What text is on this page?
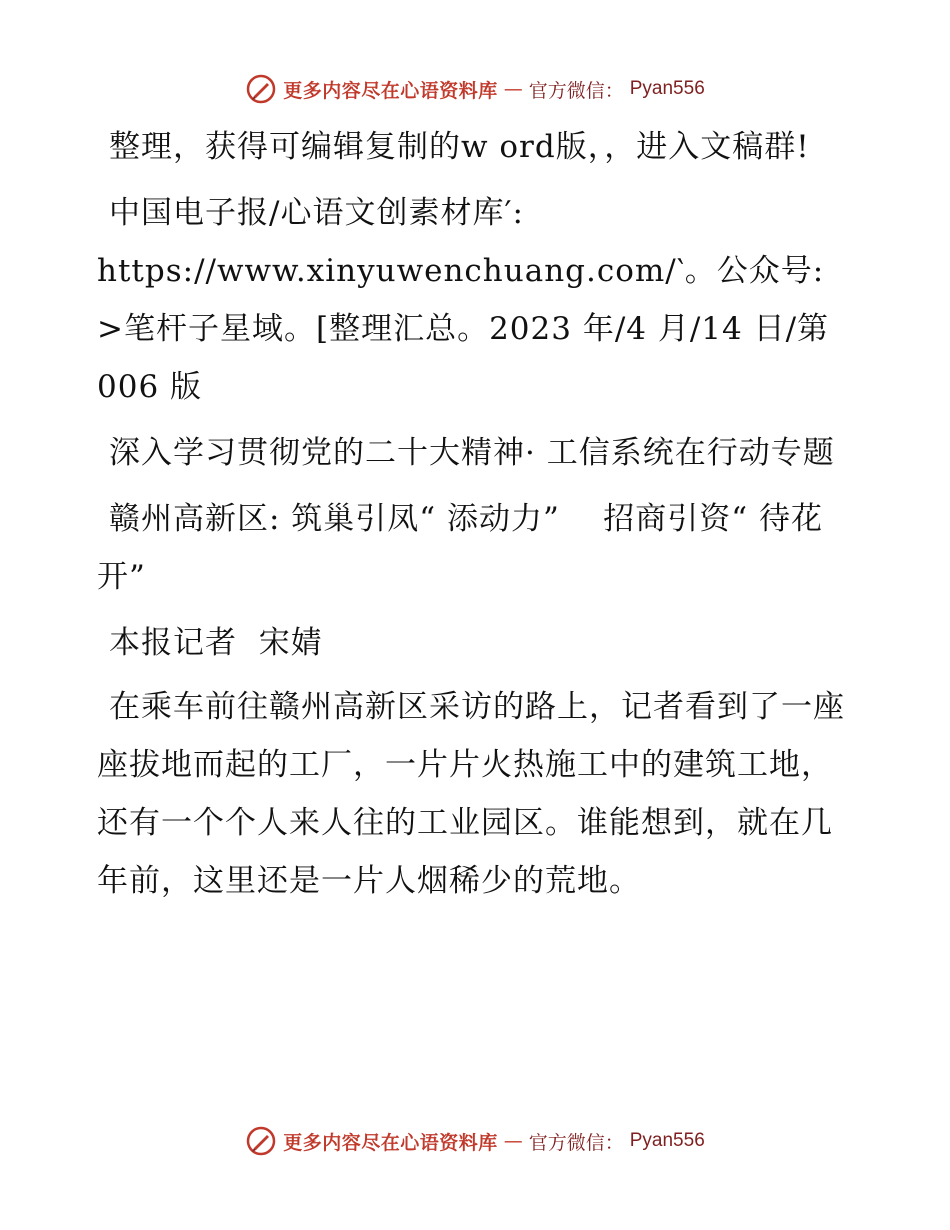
更多内容尽在心语资料库 — 官方微信： Pyan556

整理，获得可编辑复制的w ord版，，进入文稿群!

中国电子报/心语文创素材库′: https://www.xinyuwenchuang.com/‵。公众号: >笔杆子星域。[整理汇总。2023 年/4 月/14 日/第 006 版

深入学习贯彻党的二十大精神· 工信系统在行动专题

赣州高新区: 筑巢引凤“ 添动力”    招商引资“ 待花开”

本报记者  宋婧

在乘车前往赣州高新区采访的路上，记者看到了一座座拔地而起的工厂，一片片火热施工中的建筑工地，还有一个个人来人往的工业园区。谁能想到，就在几年前，这里还是一片人烟稀少的荒地。

更多内容尽在心语资料库 — 官方微信： Pyan556
